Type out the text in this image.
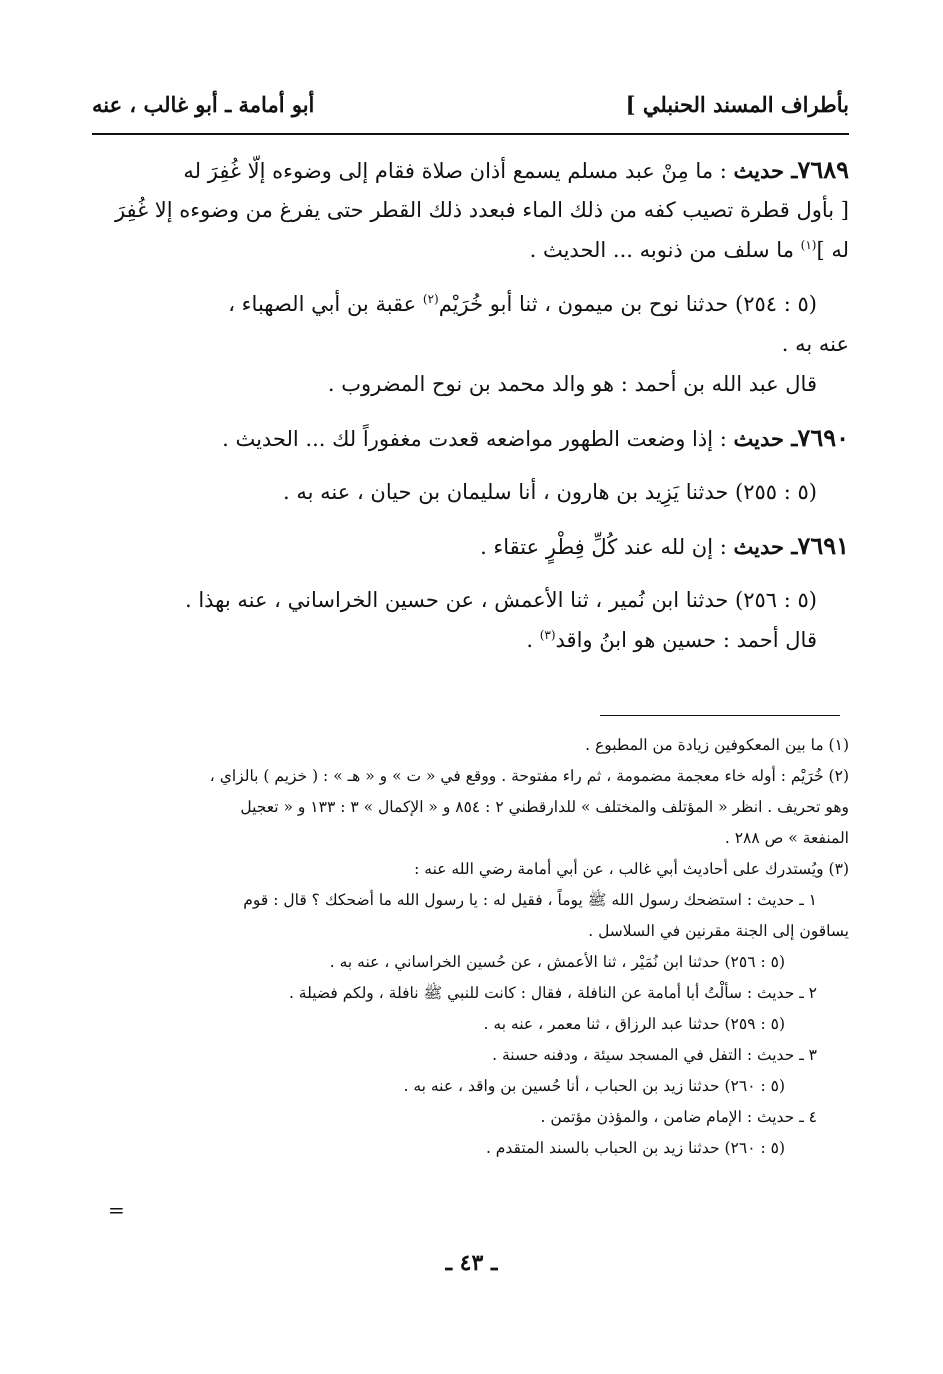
بأطراف المسند الحنبلي ]
أبو أمامة ـ أبو غالب ، عنه
٧٦٨٩ـ حديث : ما مِنْ عبد مسلم يسمع أذان صلاة فقام إلى وضوءه إلّا غُفِرَ له
[ بأول قطرة تصيب كفه من ذلك الماء فبعدد ذلك القطر حتى يفرغ من وضوءه إلا غُفِرَ
له ]$^{(١)}$ ما سلف من ذنوبه ... الحديث .
(٥ : ٢٥٤) حدثنا نوح بن ميمون ، ثنا أبو خُرَيْم$^{(٢)}$ عقبة بن أبي الصهباء ،
عنه به .
قال عبد الله بن أحمد : هو والد محمد بن نوح المضروب .
٧٦٩٠ـ حديث : إذا وضعت الطهور مواضعه قعدت مغفوراً لك ... الحديث .
(٥ : ٢٥٥) حدثنا يَزِيد بن هارون ، أنا سليمان بن حيان ، عنه به .
٧٦٩١ـ حديث : إن لله عند كُلِّ فِطْرٍ عتقاء .
(٥ : ٢٥٦) حدثنا ابن نُمير ، ثنا الأعمش ، عن حسين الخراساني ، عنه بهذا .
قال أحمد : حسين هو ابنُ واقد$^{(٣)}$ .
(١) ما بين المعكوفين زيادة من المطبوع .
(٢) خُرَيْم : أوله خاء معجمة مضمومة ، ثم راء مفتوحة . ووقع في « ت » و « هـ » : ( خزيم ) بالزاي ،
وهو تحريف . انظر « المؤتلف والمختلف » للدارقطني ٢ : ٨٥٤ و « الإكمال » ٣ : ١٣٣ و « تعجيل
المنفعة » ص ٢٨٨ .
(٣) ويُستدرك على أحاديث أبي غالب ، عن أبي أمامة رضي الله عنه :
١ ـ حديث : استضحك رسول الله ﷺ يوماً ، فقيل له : يا رسول الله ما أضحكك ؟ قال : قوم
يساقون إلى الجنة مقرنين في السلاسل .
(٥ : ٢٥٦) حدثنا ابن نُمَيْر ، ثنا الأعمش ، عن حُسين الخراساني ، عنه به .
٢ ـ حديث : سألْتُ أبا أمامة عن النافلة ، فقال : كانت للنبي ﷺ نافلة ، ولكم فضيلة .
(٥ : ٢٥٩) حدثنا عبد الرزاق ، ثنا معمر ، عنه به .
٣ ـ حديث : التفل في المسجد سيئة ، ودفنه حسنة .
(٥ : ٢٦٠) حدثنا زيد بن الحباب ، أنا حُسين بن واقد ، عنه به .
٤ ـ حديث : الإمام ضامن ، والمؤذن مؤتمن .
(٥ : ٢٦٠) حدثنا زيد بن الحباب بالسند المتقدم .
=
ـ ٤٣ ـ
